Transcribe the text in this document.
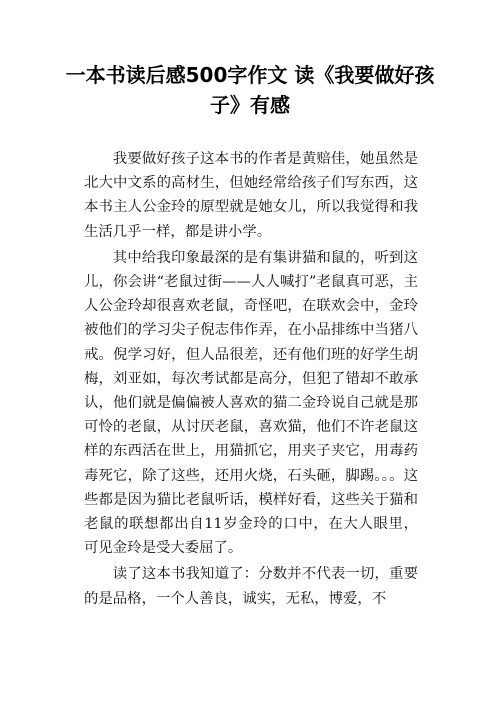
一本书读后感500字作文 读《我要做好孩子》有感

我要做好孩子这本书的作者是黄赔佳，她虽然是北大中文系的高材生，但她经常给孩子们写东西，这本书主人公金玲的原型就是她女儿，所以我觉得和我生活几乎一样，都是讲小学。

其中给我印象最深的是有集讲猫和鼠的，听到这儿，你会讲“老鼠过街——人人喊打”老鼠真可恶，主人公金玲却很喜欢老鼠，奇怪吧，在联欢会中，金玲被他们的学习尖子倪志伟作弄，在小品排练中当猪八戒。倪学习好，但人品很差，还有他们班的好学生胡梅，刘亚如，每次考试都是高分，但犯了错却不敢承认，他们就是偏偏被人喜欢的猫二金玲说自己就是那可怜的老鼠，从讨厌老鼠，喜欢猫，他们不许老鼠这样的东西活在世上，用猫抓它，用夹子夹它，用毒药毒死它，除了这些，还用火烧，石头砸，脚踢。。。这些都是因为猫比老鼠听话，模样好看，这些关于猫和老鼠的联想都出自11岁金玲的口中，在大人眼里，可见金玲是受大委屈了。

读了这本书我知道了：分数并不代表一切，重要的是品格，一个人善良，诚实，无私，博爱，不
